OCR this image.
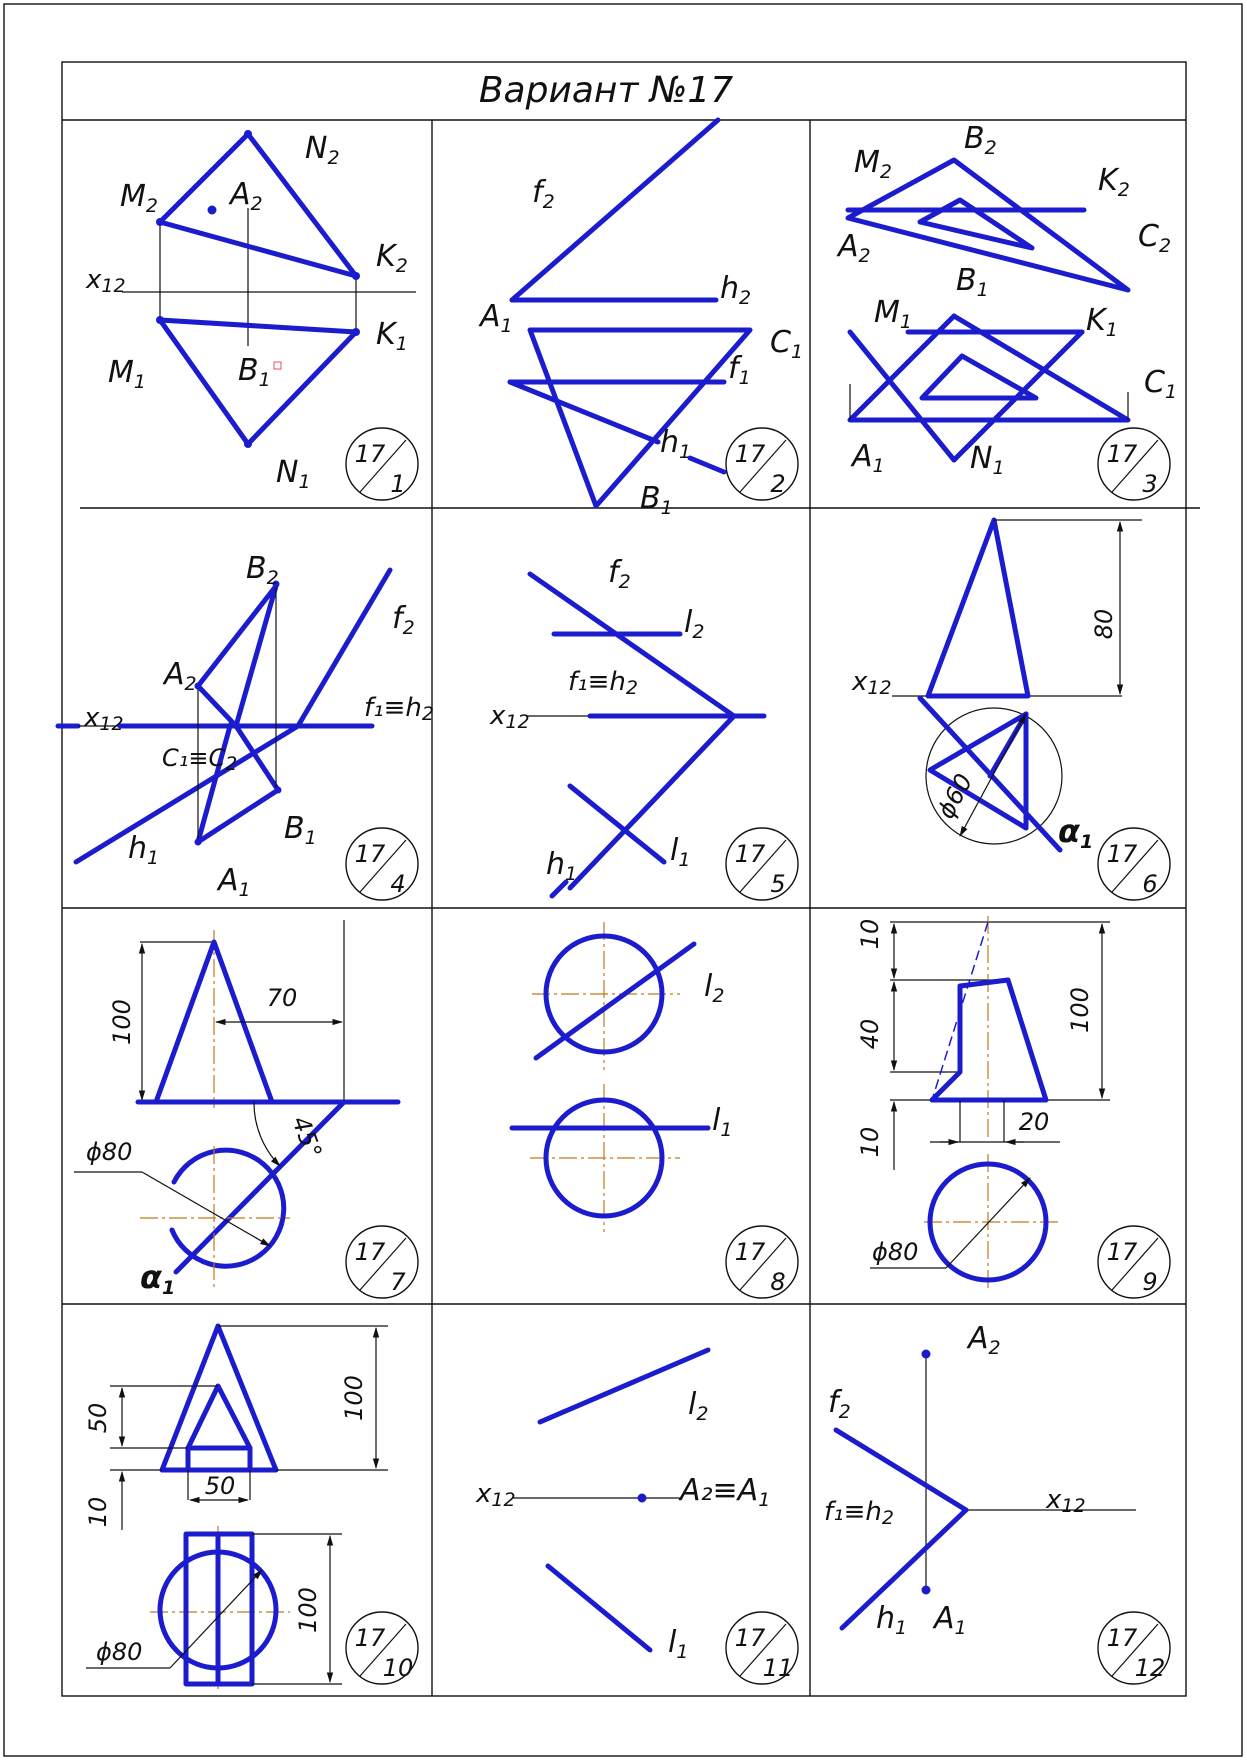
Вариант №17
$N_2$
$M_2$ $A_2$
$K_2$
x12
$K_1$
$M_1$	$B_1$
$N_1$
17
1
$f_2$
$h_2$
$A_1$	$C_1$
$f_1$
$h_1$
$B_1$
17
2
$B_2$
$M_2$	$K_2$
$A_2$
$C_2$
$B_1$
$M_1$	$K_1$
$C_1$
$A_1$	$N_1$	17
3
$B_2$
$f_2$
$A_2$
x12
f₁≡h2
C₁≡C2
$B_1$
$h_1$
$A_1$
17
4
$f_2$
$l_2$
f₁≡h2
x12
$h_1$
$l_1$ 17
5
x12
α1
80
ϕ60
17
6
100
70
ϕ80	45°
α1
17
7
$l_2$
$l_1$
17
8
10
40
10
100
20
ϕ80	17
9
50
10
100
50
100
ϕ80	17
10
$l_2$
x12	$A_2\equiv A_1$
$l_1$ 17
11
$A_2$
$f_2$
f₁≡h2
x12
$h_1$ $A_1$	17
12
